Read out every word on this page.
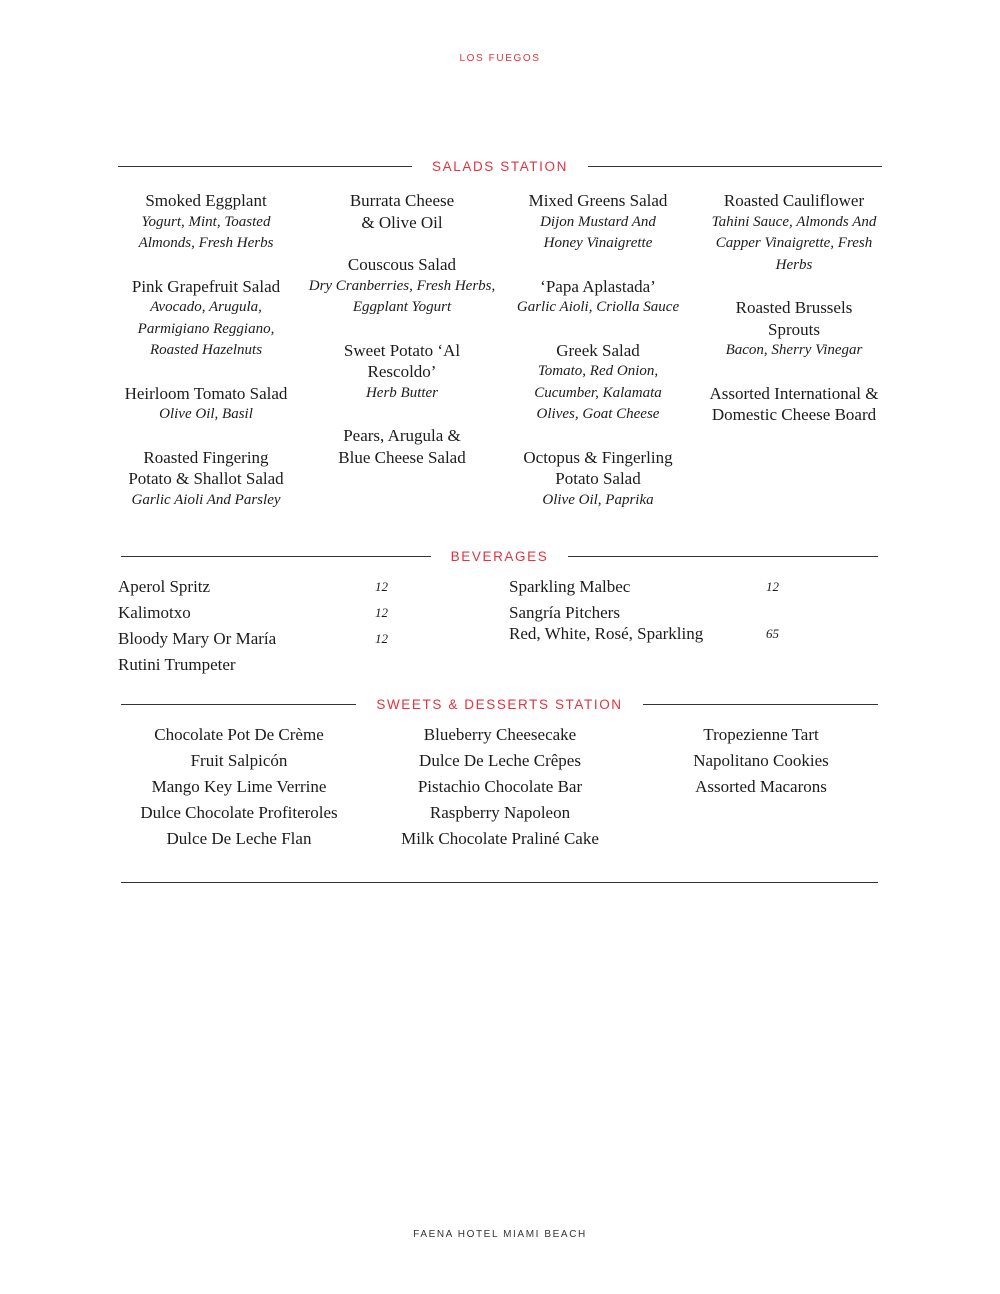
LOS FUEGOS
SALADS STATION
Smoked Eggplant
Yogurt, Mint, Toasted Almonds, Fresh Herbs
Pink Grapefruit Salad
Avocado, Arugula, Parmigiano Reggiano, Roasted Hazelnuts
Heirloom Tomato Salad
Olive Oil, Basil
Roasted Fingering Potato & Shallot Salad
Garlic Aioli And Parsley
Burrata Cheese & Olive Oil
Couscous Salad
Dry Cranberries, Fresh Herbs, Eggplant Yogurt
Sweet Potato ‘Al Rescoldo’
Herb Butter
Pears, Arugula & Blue Cheese Salad
Mixed Greens Salad
Dijon Mustard And Honey Vinaigrette
‘Papa Aplastada’
Garlic Aioli, Criolla Sauce
Greek Salad
Tomato, Red Onion, Cucumber, Kalamata Olives, Goat Cheese
Octopus & Fingerling Potato Salad
Olive Oil, Paprika
Roasted Cauliflower
Tahini Sauce, Almonds And Capper Vinaigrette, Fresh Herbs
Roasted Brussels Sprouts
Bacon, Sherry Vinegar
Assorted International & Domestic Cheese Board
BEVERAGES
Aperol Spritz	12
Kalimotxo	12
Bloody Mary Or María	12
Rutini Trumpeter
Sparkling Malbec	12
Sangría Pitchers
Red, White, Rosé, Sparkling	65
SWEETS & DESSERTS STATION
Chocolate Pot De Crème
Fruit Salpicón
Mango Key Lime Verrine
Dulce Chocolate Profiteroles
Dulce De Leche Flan
Blueberry Cheesecake
Dulce De Leche Crêpes
Pistachio Chocolate Bar
Raspberry Napoleon
Milk Chocolate Praliné Cake
Tropezienne Tart
Napolitano Cookies
Assorted Macarons
FAENA HOTEL MIAMI BEACH
